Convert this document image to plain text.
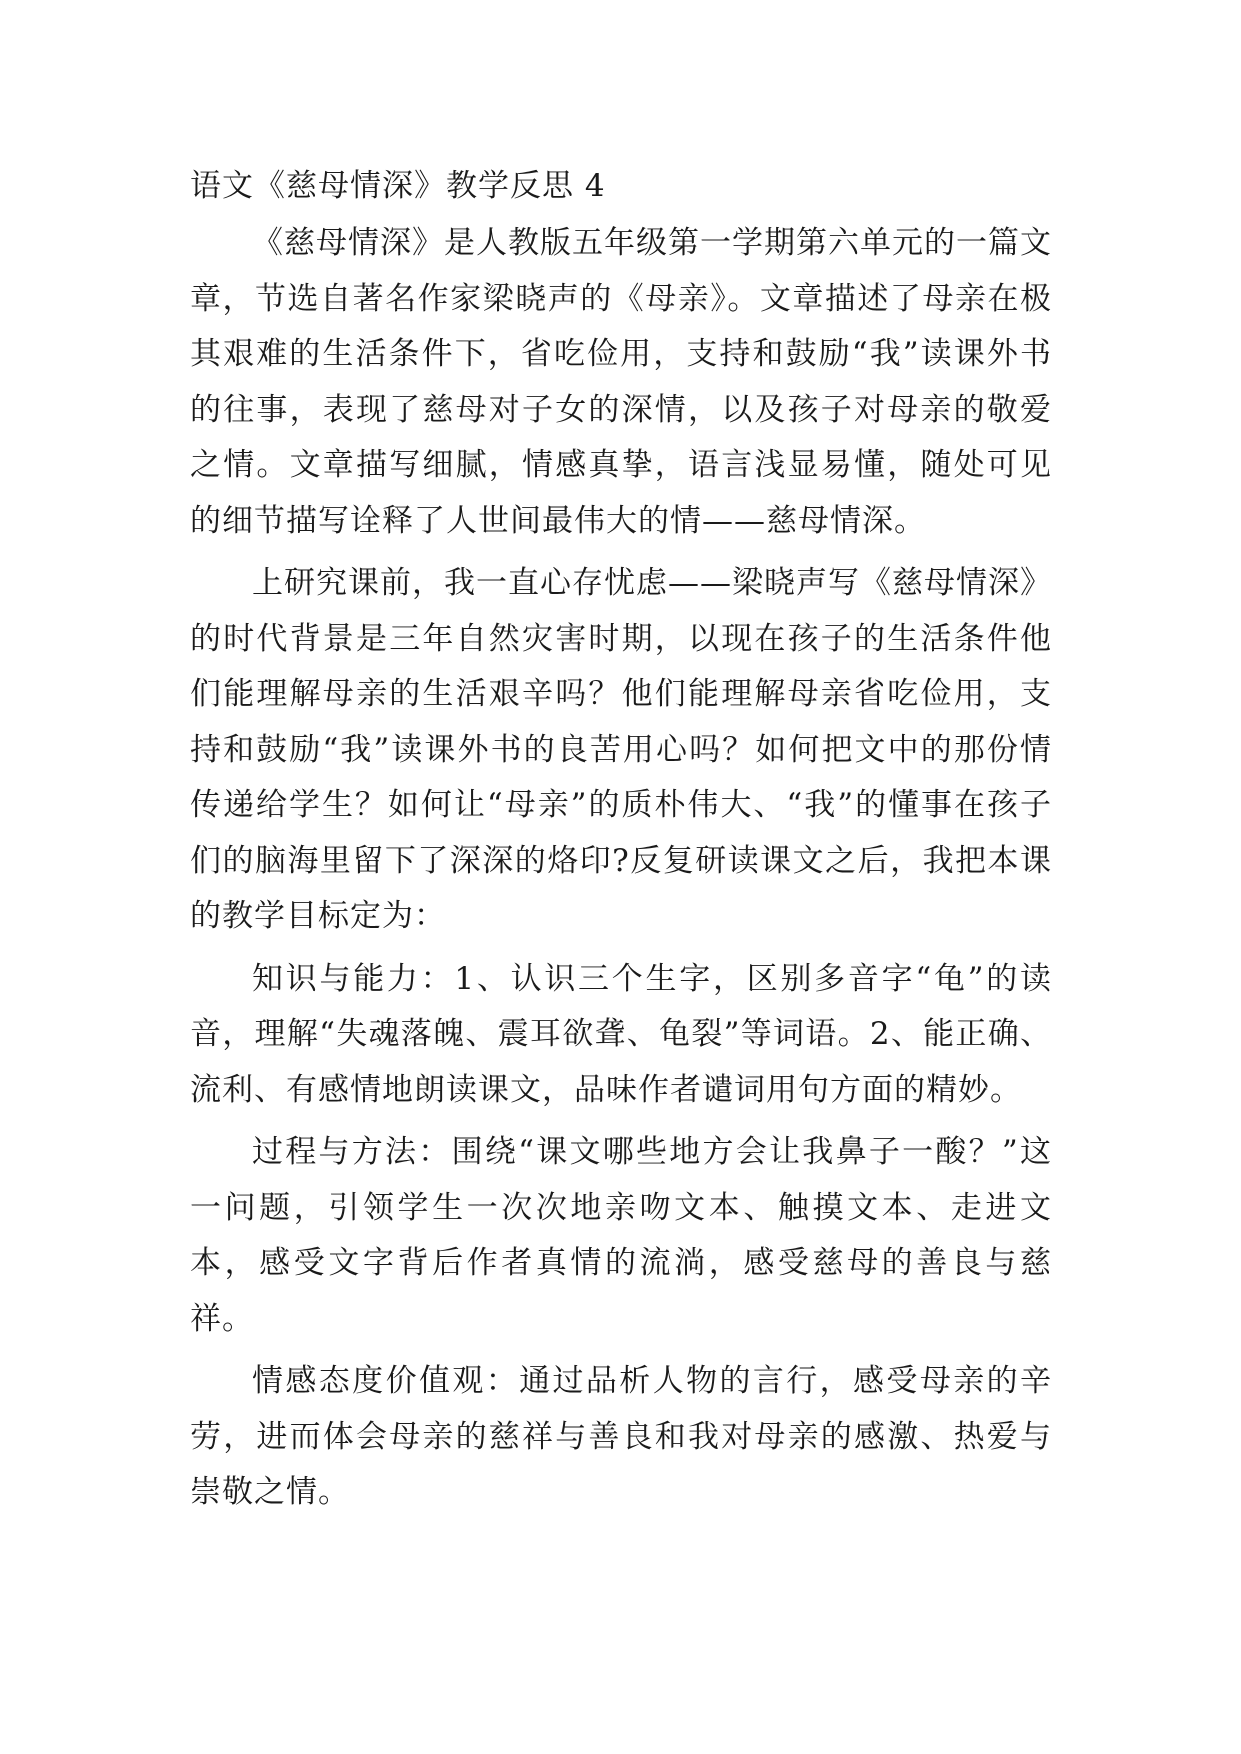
语文《慈母情深》教学反思 4

《慈母情深》是人教版五年级第一学期第六单元的一篇文章，节选自著名作家梁晓声的《母亲》。文章描述了母亲在极其艰难的生活条件下，省吃俭用，支持和鼓励“我”读课外书的往事，表现了慈母对子女的深情，以及孩子对母亲的敬爱之情。文章描写细腻，情感真挚，语言浅显易懂，随处可见的细节描写诠释了人世间最伟大的情——慈母情深。

上研究课前，我一直心存忧虑——梁晓声写《慈母情深》的时代背景是三年自然灾害时期，以现在孩子的生活条件他们能理解母亲的生活艰辛吗？他们能理解母亲省吃俭用，支持和鼓励“我”读课外书的良苦用心吗？如何把文中的那份情传递给学生？如何让“母亲”的质朴伟大、“我”的懂事在孩子们的脑海里留下了深深的烙印?反复研读课文之后，我把本课的教学目标定为：

知识与能力：1、认识三个生字，区别多音字“龟”的读音，理解“失魂落魄、震耳欲聋、龟裂”等词语。2、能正确、流利、有感情地朗读课文，品味作者谴词用句方面的精妙。

过程与方法：围绕“课文哪些地方会让我鼻子一酸？”这一问题，引领学生一次次地亲吻文本、触摸文本、走进文本，感受文字背后作者真情的流淌，感受慈母的善良与慈祥。

情感态度价值观：通过品析人物的言行，感受母亲的辛劳，进而体会母亲的慈祥与善良和我对母亲的感激、热爱与崇敬之情。
